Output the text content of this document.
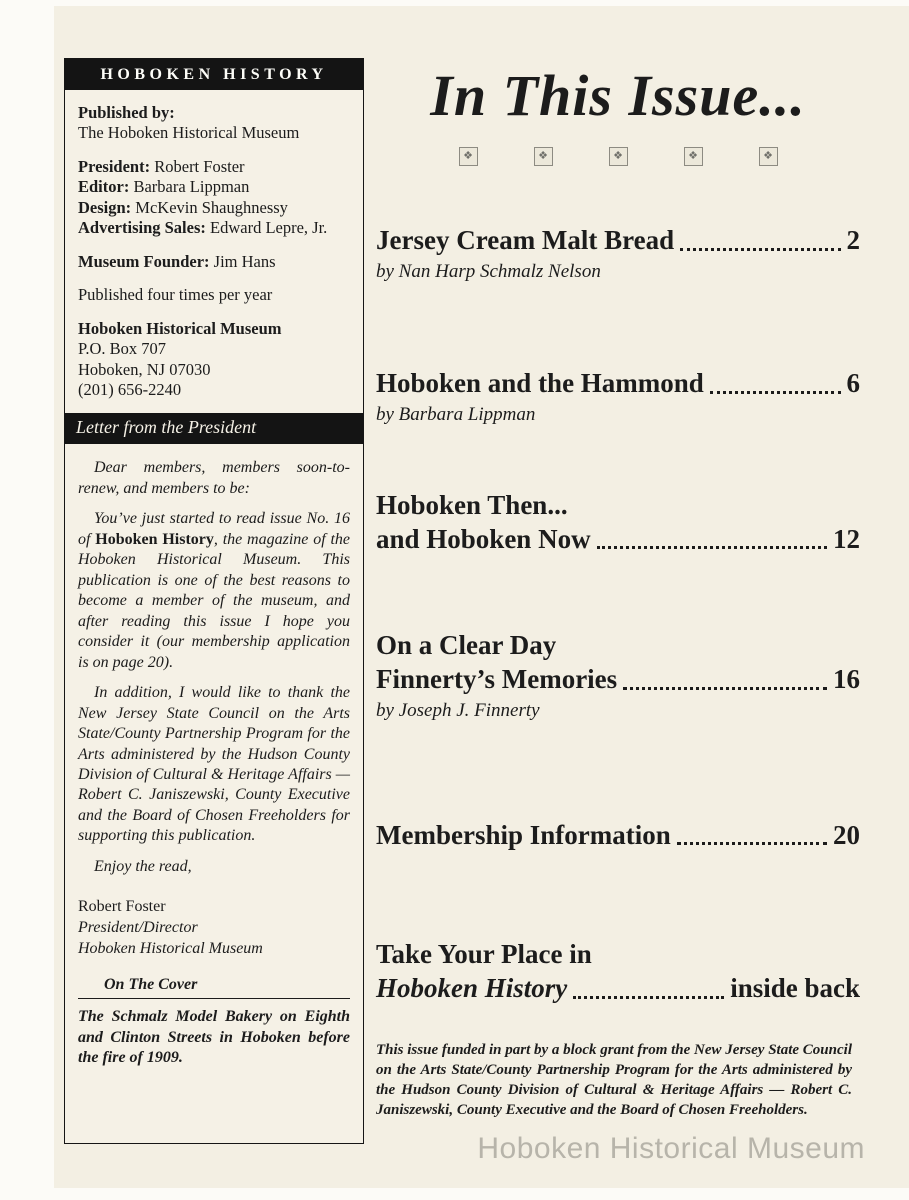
HOBOKEN HISTORY
Published by:
The Hoboken Historical Museum
President: Robert Foster
Editor: Barbara Lippman
Design: McKevin Shaughnessy
Advertising Sales: Edward Lepre, Jr.
Museum Founder: Jim Hans
Published four times per year
Hoboken Historical Museum
P.O. Box 707
Hoboken, NJ 07030
(201) 656-2240
Letter from the President

Dear members, members soon-to-renew, and members to be:

You’ve just started to read issue No. 16 of Hoboken History, the magazine of the Hoboken Historical Museum. This publication is one of the best reasons to become a member of the museum, and after reading this issue I hope you consider it (our membership application is on page 20).

In addition, I would like to thank the New Jersey State Council on the Arts State/County Partnership Program for the Arts administered by the Hudson County Division of Cultural & Heritage Affairs — Robert C. Janiszewski, County Executive and the Board of Chosen Freeholders for supporting this publication.

Enjoy the read,

Robert Foster
President/Director
Hoboken Historical Museum
On The Cover
The Schmalz Model Bakery on Eighth and Clinton Streets in Hoboken before the fire of 1909.
In This Issue...
❖	❖	❖	❖	❖
Jersey Cream Malt Bread	2
by Nan Harp Schmalz Nelson
Hoboken and the Hammond	6
by Barbara Lippman
Hoboken Then...
and Hoboken Now	12
On a Clear Day
Finnerty’s Memories	16
by Joseph J. Finnerty
Membership Information	20
Take Your Place in
Hoboken History	inside back
This issue funded in part by a block grant from the New Jersey State Council on the Arts State/County Partnership Program for the Arts administered by the Hudson County Division of Cultural & Heritage Affairs — Robert C. Janiszewski, County Executive and the Board of Chosen Freeholders.
Hoboken Historical Museum
